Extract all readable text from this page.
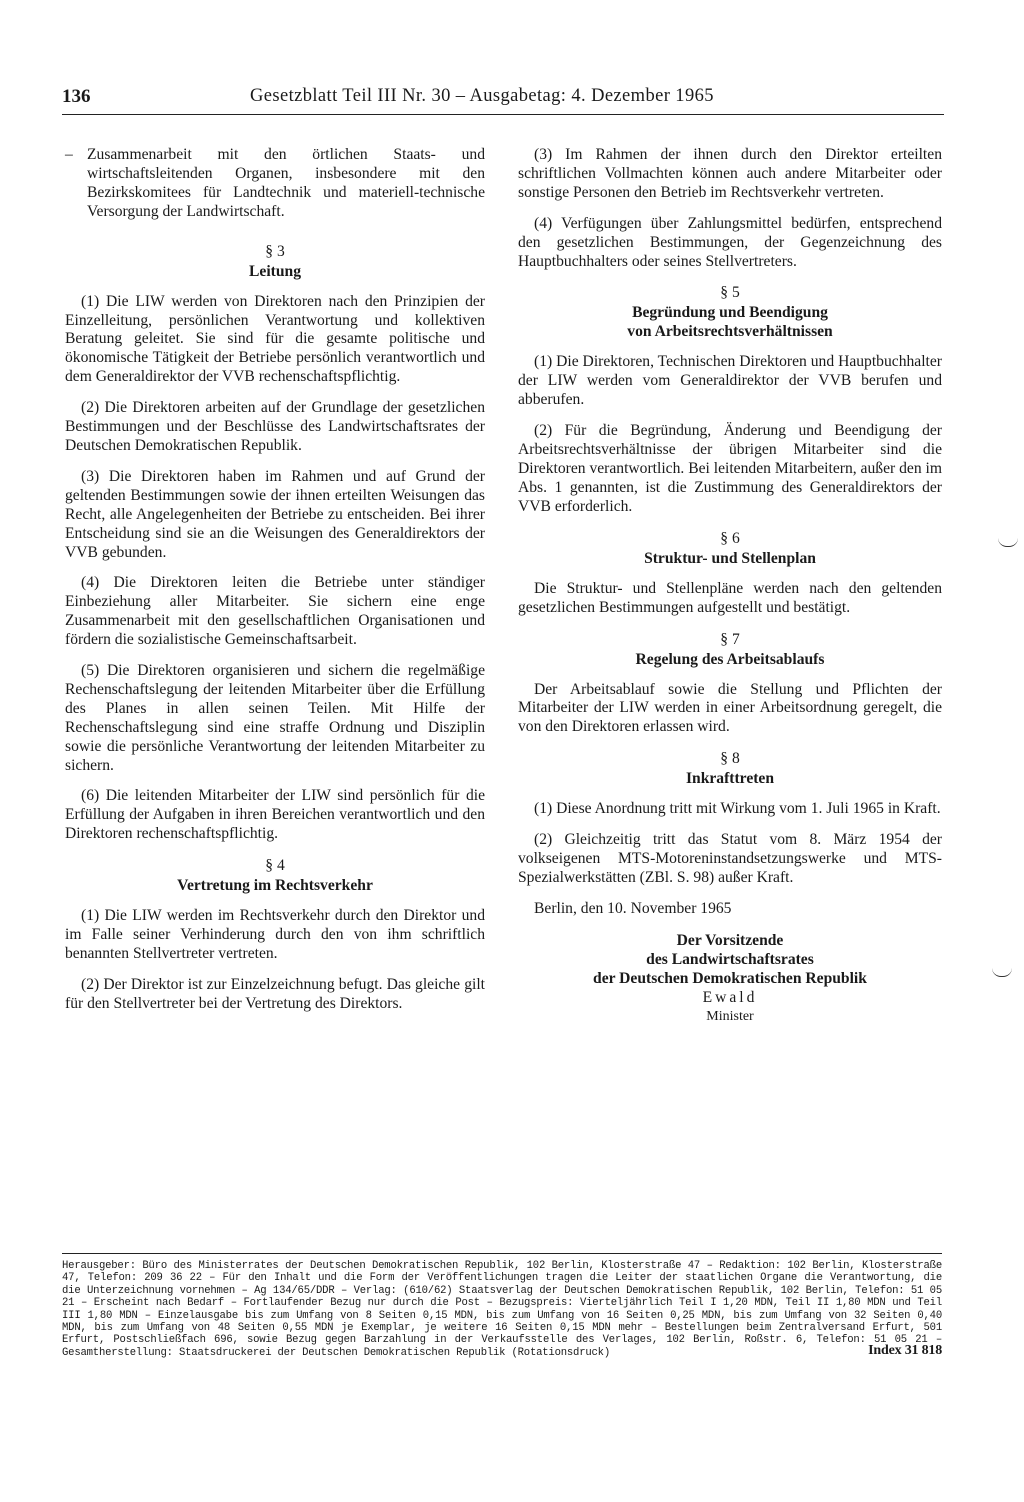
136	Gesetzblatt Teil III Nr. 30 – Ausgabetag: 4. Dezember 1965
– Zusammenarbeit mit den örtlichen Staats- und wirtschaftsleitenden Organen, insbesondere mit den Bezirkskomitees für Landtechnik und materiell-technische Versorgung der Landwirtschaft.
§ 3
Leitung

(1) Die LIW werden von Direktoren nach den Prinzipien der Einzelleitung, persönlichen Verantwortung und kollektiven Beratung geleitet. Sie sind für die gesamte politische und ökonomische Tätigkeit der Betriebe persönlich verantwortlich und dem Generaldirektor der VVB rechenschaftspflichtig.

(2) Die Direktoren arbeiten auf der Grundlage der gesetzlichen Bestimmungen und der Beschlüsse des Landwirtschaftsrates der Deutschen Demokratischen Republik.

(3) Die Direktoren haben im Rahmen und auf Grund der geltenden Bestimmungen sowie der ihnen erteilten Weisungen das Recht, alle Angelegenheiten der Betriebe zu entscheiden. Bei ihrer Entscheidung sind sie an die Weisungen des Generaldirektors der VVB gebunden.

(4) Die Direktoren leiten die Betriebe unter ständiger Einbeziehung aller Mitarbeiter. Sie sichern eine enge Zusammenarbeit mit den gesellschaftlichen Organisationen und fördern die sozialistische Gemeinschaftsarbeit.

(5) Die Direktoren organisieren und sichern die regelmäßige Rechenschaftslegung der leitenden Mitarbeiter über die Erfüllung des Planes in allen seinen Teilen. Mit Hilfe der Rechenschaftslegung sind eine straffe Ordnung und Disziplin sowie die persönliche Verantwortung der leitenden Mitarbeiter zu sichern.

(6) Die leitenden Mitarbeiter der LIW sind persönlich für die Erfüllung der Aufgaben in ihren Bereichen verantwortlich und den Direktoren rechenschaftspflichtig.

§ 4
Vertretung im Rechtsverkehr

(1) Die LIW werden im Rechtsverkehr durch den Direktor und im Falle seiner Verhinderung durch den von ihm schriftlich benannten Stellvertreter vertreten.

(2) Der Direktor ist zur Einzelzeichnung befugt. Das gleiche gilt für den Stellvertreter bei der Vertretung des Direktors.

(3) Im Rahmen der ihnen durch den Direktor erteilten schriftlichen Vollmachten können auch andere Mitarbeiter oder sonstige Personen den Betrieb im Rechtsverkehr vertreten.

(4) Verfügungen über Zahlungsmittel bedürfen, entsprechend den gesetzlichen Bestimmungen, der Gegenzeichnung des Hauptbuchhalters oder seines Stellvertreters.

§ 5
Begründung und Beendigung
von Arbeitsrechtsverhältnissen

(1) Die Direktoren, Technischen Direktoren und Hauptbuchhalter der LIW werden vom Generaldirektor der VVB berufen und abberufen.

(2) Für die Begründung, Änderung und Beendigung der Arbeitsrechtsverhältnisse der übrigen Mitarbeiter sind die Direktoren verantwortlich. Bei leitenden Mitarbeitern, außer den im Abs. 1 genannten, ist die Zustimmung des Generaldirektors der VVB erforderlich.

§ 6
Struktur- und Stellenplan

Die Struktur- und Stellenpläne werden nach den geltenden gesetzlichen Bestimmungen aufgestellt und bestätigt.

§ 7
Regelung des Arbeitsablaufs

Der Arbeitsablauf sowie die Stellung und Pflichten der Mitarbeiter der LIW werden in einer Arbeitsordnung geregelt, die von den Direktoren erlassen wird.

§ 8
Inkrafttreten

(1) Diese Anordnung tritt mit Wirkung vom 1. Juli 1965 in Kraft.

(2) Gleichzeitig tritt das Statut vom 8. März 1954 der volkseigenen MTS-Motoreninstandsetzungswerke und MTS-Spezialwerkstätten (ZBl. S. 98) außer Kraft.

Berlin, den 10. November 1965

Der Vorsitzende
des Landwirtschaftsrates
der Deutschen Demokratischen Republik
Ewald
Minister
Herausgeber: Büro des Ministerrates der Deutschen Demokratischen Republik, 102 Berlin, Klosterstraße 47 – Redaktion: 102 Berlin, Klosterstraße 47, Telefon: 209 36 22 – Für den Inhalt und die Form der Veröffentlichungen tragen die Leiter der staatlichen Organe die Verantwortung, die die Unterzeichnung vornehmen – Ag 134/65/DDR – Verlag: (610/62) Staatsverlag der Deutschen Demokratischen Republik, 102 Berlin, Telefon: 51 05 21 – Erscheint nach Bedarf – Fortlaufender Bezug nur durch die Post – Bezugspreis: Vierteljährlich Teil I 1,20 MDN, Teil II 1,80 MDN und Teil III 1,80 MDN – Einzelausgabe bis zum Umfang von 8 Seiten 0,15 MDN, bis zum Umfang von 16 Seiten 0,25 MDN, bis zum Umfang von 32 Seiten 0,40 MDN, bis zum Umfang von 48 Seiten 0,55 MDN je Exemplar, je weitere 16 Seiten 0,15 MDN mehr – Bestellungen beim Zentralversand Erfurt, 501 Erfurt, Postschließfach 696, sowie Bezug gegen Barzahlung in der Verkaufsstelle des Verlages, 102 Berlin, Roßstr. 6, Telefon: 51 05 21 – Gesamtherstellung: Staatsdruckerei der Deutschen Demokratischen Republik (Rotationsdruck)	Index 31 818
